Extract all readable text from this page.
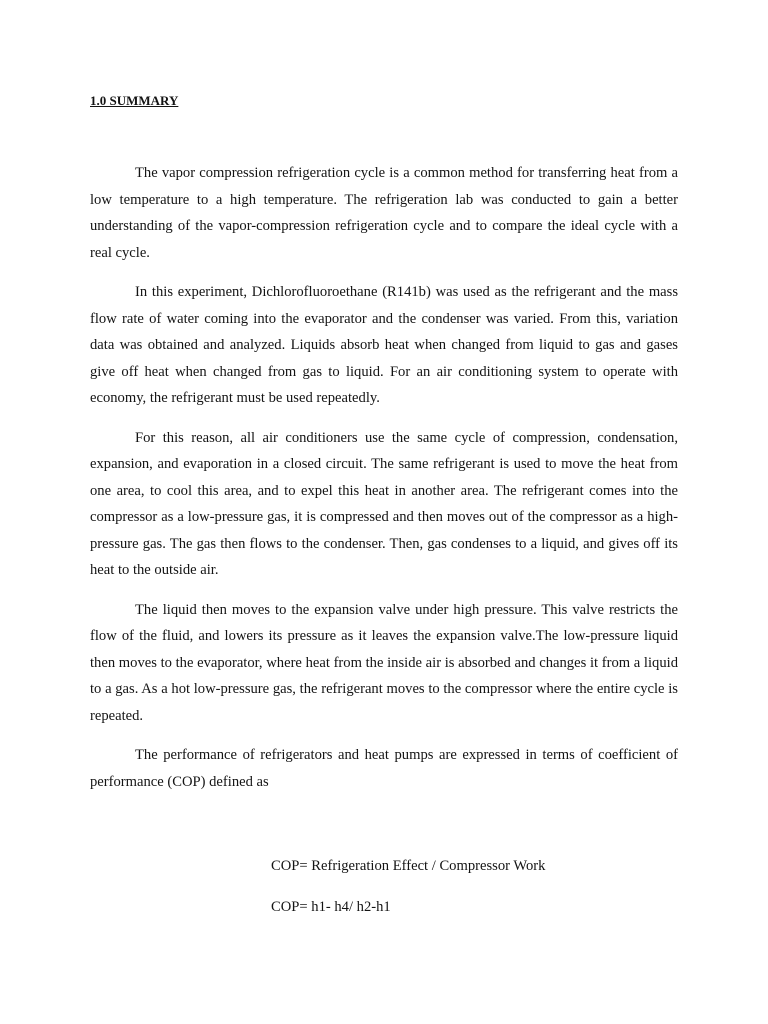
1.0 SUMMARY

The vapor compression refrigeration cycle is a common method for transferring heat from a low temperature to a high temperature. The refrigeration lab was conducted to gain a better understanding of the vapor-compression refrigeration cycle and to compare the ideal cycle with a real cycle.

In this experiment, Dichlorofluoroethane (R141b) was used as the refrigerant and the mass flow rate of water coming into the evaporator and the condenser was varied. From this, variation data was obtained and analyzed. Liquids absorb heat when changed from liquid to gas and gases give off heat when changed from gas to liquid. For an air conditioning system to operate with economy, the refrigerant must be used repeatedly.

For this reason, all air conditioners use the same cycle of compression, condensation, expansion, and evaporation in a closed circuit. The same refrigerant is used to move the heat from one area, to cool this area, and to expel this heat in another area. The refrigerant comes into the compressor as a low-pressure gas, it is compressed and then moves out of the compressor as a high-pressure gas. The gas then flows to the condenser. Then, gas condenses to a liquid, and gives off its heat to the outside air.

The liquid then moves to the expansion valve under high pressure. This valve restricts the flow of the fluid, and lowers its pressure as it leaves the expansion valve.The low-pressure liquid then moves to the evaporator, where heat from the inside air is absorbed and changes it from a liquid to a gas. As a hot low-pressure gas, the refrigerant moves to the compressor where the entire cycle is repeated.

The performance of refrigerators and heat pumps are expressed in terms of coefficient of performance (COP) defined as

COP= Refrigeration Effect / Compressor Work
COP= h1- h4/ h2-h1
